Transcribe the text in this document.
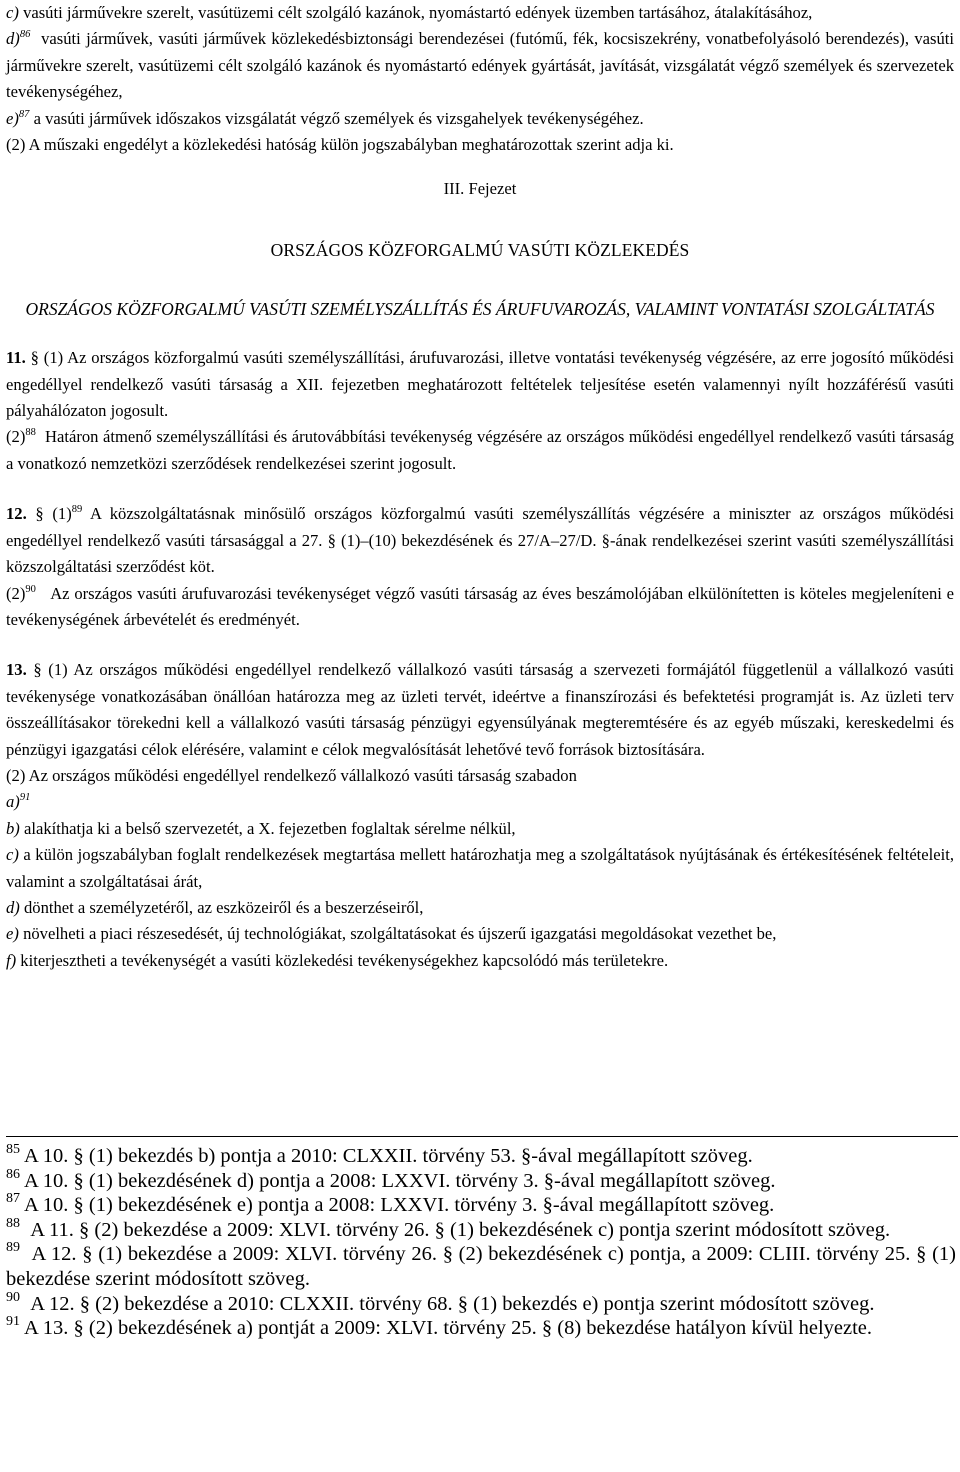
c) vasúti járművekre szerelt, vasútüzemi célt szolgáló kazánok, nyomástartó edények üzemben tartásához, átalakításához,

d)$^{86}$ vasúti járművek, vasúti járművek közlekedésbiztonsági berendezései (futómű, fék, kocsiszekrény, vonatbefolyásoló berendezés), vasúti járművekre szerelt, vasútüzemi célt szolgáló kazánok és nyomástartó edények gyártását, javítását, vizsgálatát végző személyek és szervezetek tevékenységéhez,

e)$^{87}$ a vasúti járművek időszakos vizsgálatát végző személyek és vizsgahelyek tevékenységéhez.

(2) A műszaki engedélyt a közlekedési hatóság külön jogszabályban meghatározottak szerint adja ki.

III. Fejezet

ORSZÁGOS KÖZFORGALMÚ VASÚTI KÖZLEKEDÉS

ORSZÁGOS KÖZFORGALMÚ VASÚTI SZEMÉLYSZÁLLÍTÁS ÉS ÁRUFUVAROZÁS, VALAMINT VONTATÁSI SZOLGÁLTATÁS

11. § (1) Az országos közforgalmú vasúti személyszállítási, árufuvarozási, illetve vontatási tevékenység végzésére, az erre jogosító működési engedéllyel rendelkező vasúti társaság a XII. fejezetben meghatározott feltételek teljesítése esetén valamennyi nyílt hozzáférésű vasúti pályahálózaton jogosult.

$(2)^{88}$ Határon átmenő személyszállítási és árutovábbítási tevékenység végzésére az országos működési engedéllyel rendelkező vasúti társaság a vonatkozó nemzetközi szerződések rendelkezései szerint jogosult.

12. § $(1)^{89}$ A közszolgáltatásnak minősülő országos közforgalmú vasúti személyszállítás végzésére a miniszter az országos működési engedéllyel rendelkező vasúti társasággal a 27. § (1)–(10) bekezdésének és 27/A–27/D. §-ának rendelkezései szerint vasúti személyszállítási közszolgáltatási szerződést köt.

$(2)^{90}$ Az országos vasúti árufuvarozási tevékenységet végző vasúti társaság az éves beszámolójában elkülönítetten is köteles megjeleníteni e tevékenységének árbevételét és eredményét.

13. § (1) Az országos működési engedéllyel rendelkező vállalkozó vasúti társaság a szervezeti formájától függetlenül a vállalkozó vasúti tevékenysége vonatkozásában önállóan határozza meg az üzleti tervét, ideértve a finanszírozási és befektetési programját is. Az üzleti terv összeállításakor törekedni kell a vállalkozó vasúti társaság pénzügyi egyensúlyának megteremtésére és az egyéb műszaki, kereskedelmi és pénzügyi igazgatási célok elérésére, valamint e célok megvalósítását lehetővé tevő források biztosítására.

(2) Az országos működési engedéllyel rendelkező vállalkozó vasúti társaság szabadon

a)$^{91}$

b) alakíthatja ki a belső szervezetét, a X. fejezetben foglaltak sérelme nélkül,

c) a külön jogszabályban foglalt rendelkezések megtartása mellett határozhatja meg a szolgáltatások nyújtásának és értékesítésének feltételeit, valamint a szolgáltatásai árát,

d) dönthet a személyzetéről, az eszközeiről és a beszerzéseiről,

e) növelheti a piaci részesedését, új technológiákat, szolgáltatásokat és újszerű igazgatási megoldásokat vezethet be,

f) kiterjesztheti a tevékenységét a vasúti közlekedési tevékenységekhez kapcsolódó más területekre.

$^{85}$ A 10. § (1) bekezdés b) pontja a 2010: CLXXII. törvény 53. §-ával megállapított szöveg.

$^{86}$ A 10. § (1) bekezdésének d) pontja a 2008: LXXVI. törvény 3. §-ával megállapított szöveg.

$^{87}$ A 10. § (1) bekezdésének e) pontja a 2008: LXXVI. törvény 3. §-ával megállapított szöveg.

$^{88}$ A 11. § (2) bekezdése a 2009: XLVI. törvény 26. § (1) bekezdésének c) pontja szerint módosított szöveg.

$^{89}$ A 12. § (1) bekezdése a 2009: XLVI. törvény 26. § (2) bekezdésének c) pontja, a 2009: CLIII. törvény 25. § (1) bekezdése szerint módosított szöveg.

$^{90}$ A 12. § (2) bekezdése a 2010: CLXXII. törvény 68. § (1) bekezdés e) pontja szerint módosított szöveg.

$^{91}$ A 13. § (2) bekezdésének a) pontját a 2009: XLVI. törvény 25. § (8) bekezdése hatályon kívül helyezte.
